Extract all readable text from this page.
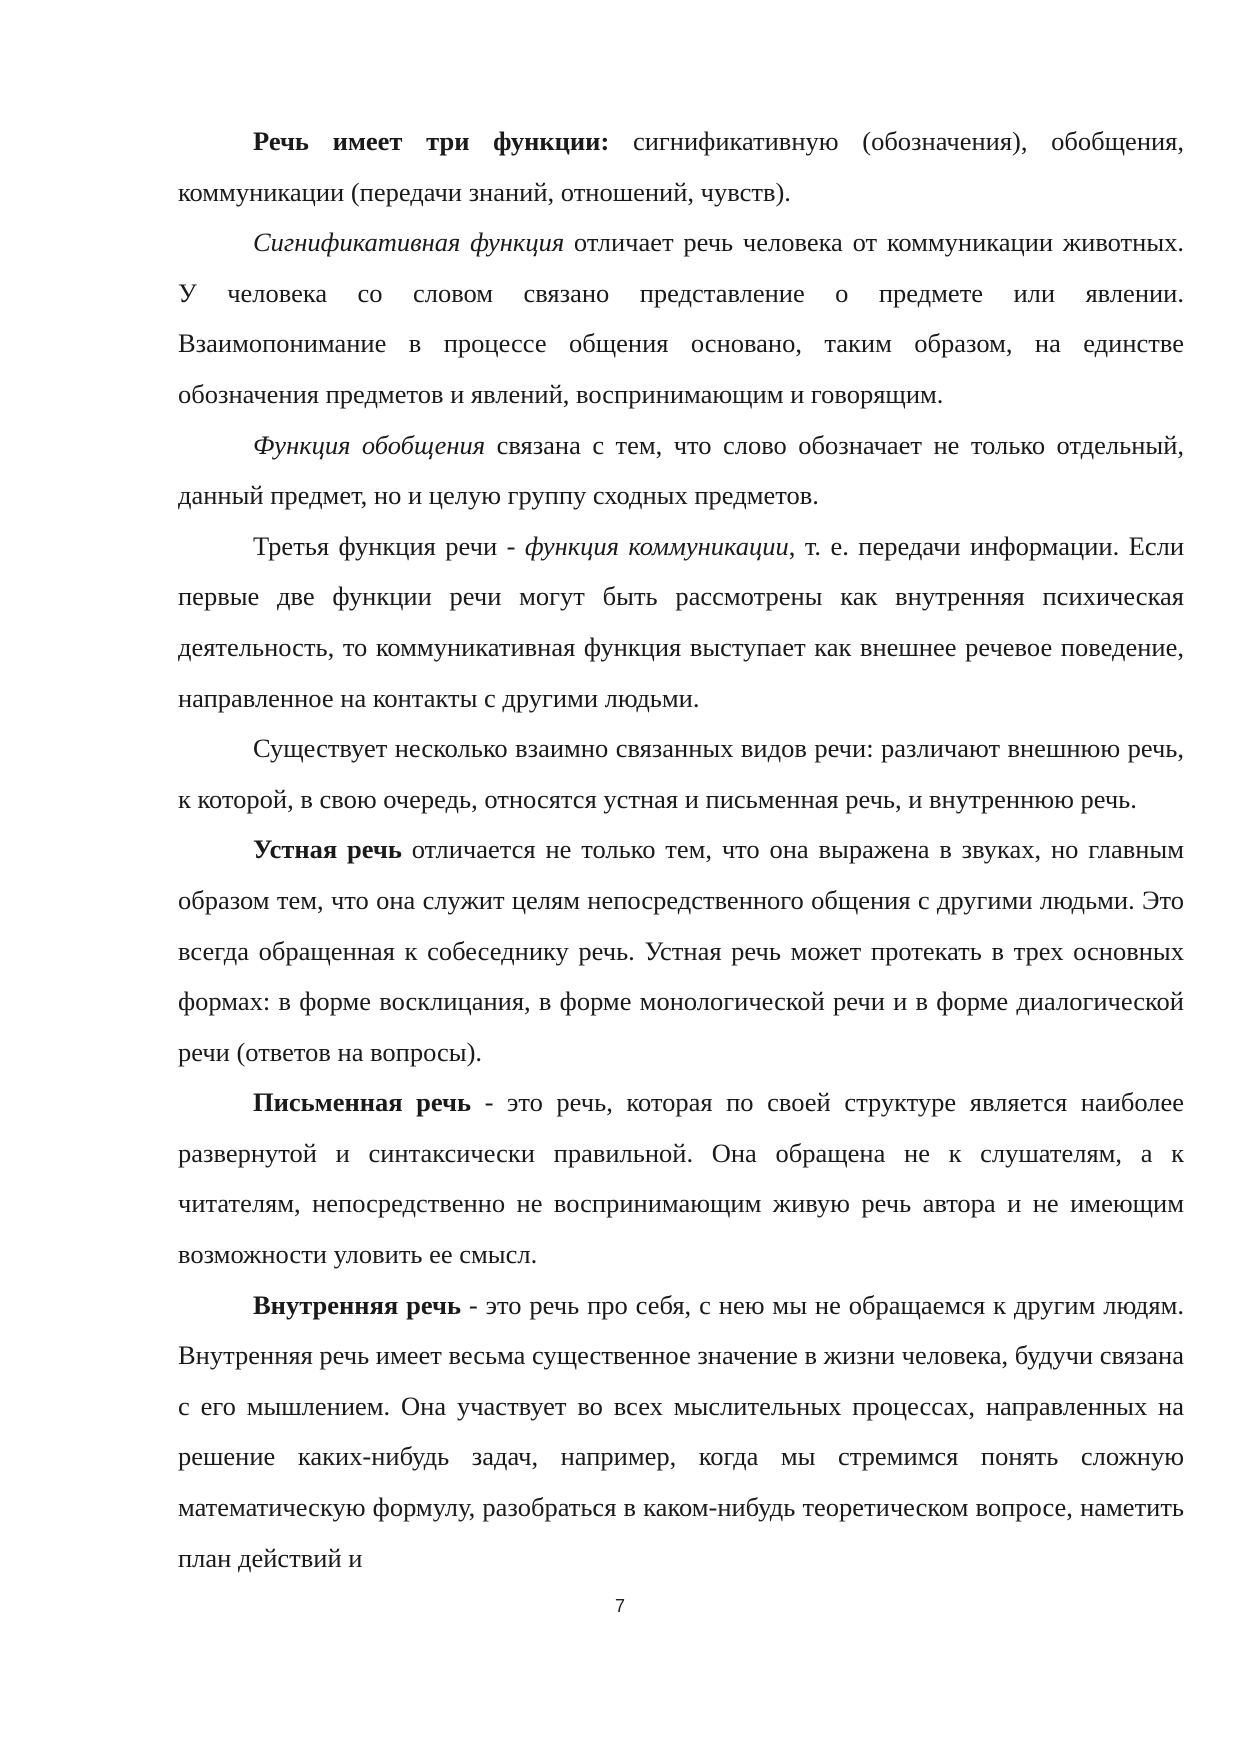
Речь имеет три функции: сигнификативную (обозначения), обобщения, коммуникации (передачи знаний, отношений, чувств).

Сигнификативная функция отличает речь человека от коммуникации животных. У человека со словом связано представление о предмете или явлении. Взаимопонимание в процессе общения основано, таким образом, на единстве обозначения предметов и явлений, воспринимающим и говорящим.

Функция обобщения связана с тем, что слово обозначает не только отдельный, данный предмет, но и целую группу сходных предметов.

Третья функция речи - функция коммуникации, т. е. передачи информации. Если первые две функции речи могут быть рассмотрены как внутренняя психическая деятельность, то коммуникативная функция выступает как внешнее речевое поведение, направленное на контакты с другими людьми.

Существует несколько взаимно связанных видов речи: различают внешнюю речь, к которой, в свою очередь, относятся устная и письменная речь, и внутреннюю речь.

Устная речь отличается не только тем, что она выражена в звуках, но главным образом тем, что она служит целям непосредственного общения с другими людьми. Это всегда обращенная к собеседнику речь. Устная речь может протекать в трех основных формах: в форме восклицания, в форме монологической речи и в форме диалогической речи (ответов на вопросы).

Письменная речь - это речь, которая по своей структуре является наиболее развернутой и синтаксически правильной. Она обращена не к слушателям, а к читателям, непосредственно не воспринимающим живую речь автора и не имеющим возможности уловить ее смысл.

Внутренняя речь - это речь про себя, с нею мы не обращаемся к другим людям. Внутренняя речь имеет весьма существенное значение в жизни человека, будучи связана с его мышлением. Она участвует во всех мыслительных процессах, направленных на решение каких-нибудь задач, например, когда мы стремимся понять сложную математическую формулу, разобраться в каком-нибудь теоретическом вопросе, наметить план действий и

7
